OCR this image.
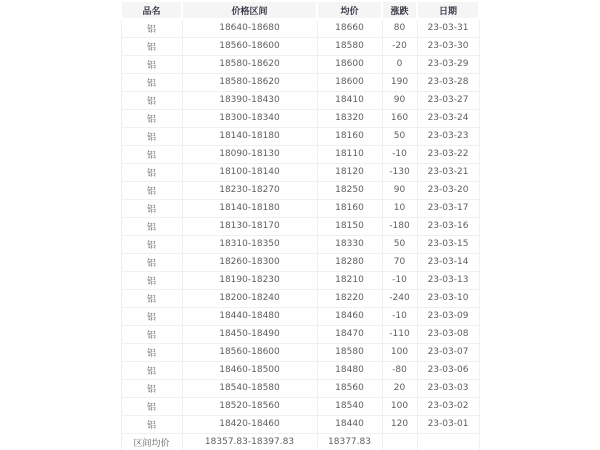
品名	价格区间	均价	涨跌	日期
铝	18640-18680	18660	80	23-03-31
铝	18560-18600	18580	-20	23-03-30
铝	18580-18620	18600	0	23-03-29
铝	18580-18620	18600	190	23-03-28
铝	18390-18430	18410	90	23-03-27
铝	18300-18340	18320	160	23-03-24
铝	18140-18180	18160	50	23-03-23
铝	18090-18130	18110	-10	23-03-22
铝	18100-18140	18120	-130	23-03-21
铝	18230-18270	18250	90	23-03-20
铝	18140-18180	18160	10	23-03-17
铝	18130-18170	18150	-180	23-03-16
铝	18310-18350	18330	50	23-03-15
铝	18260-18300	18280	70	23-03-14
铝	18190-18230	18210	-10	23-03-13
铝	18200-18240	18220	-240	23-03-10
铝	18440-18480	18460	-10	23-03-09
铝	18450-18490	18470	-110	23-03-08
铝	18560-18600	18580	100	23-03-07
铝	18460-18500	18480	-80	23-03-06
铝	18540-18580	18560	20	23-03-03
铝	18520-18560	18540	100	23-03-02
铝	18420-18460	18440	120	23-03-01
区间均价	18357.83-18397.83	18377.83		
